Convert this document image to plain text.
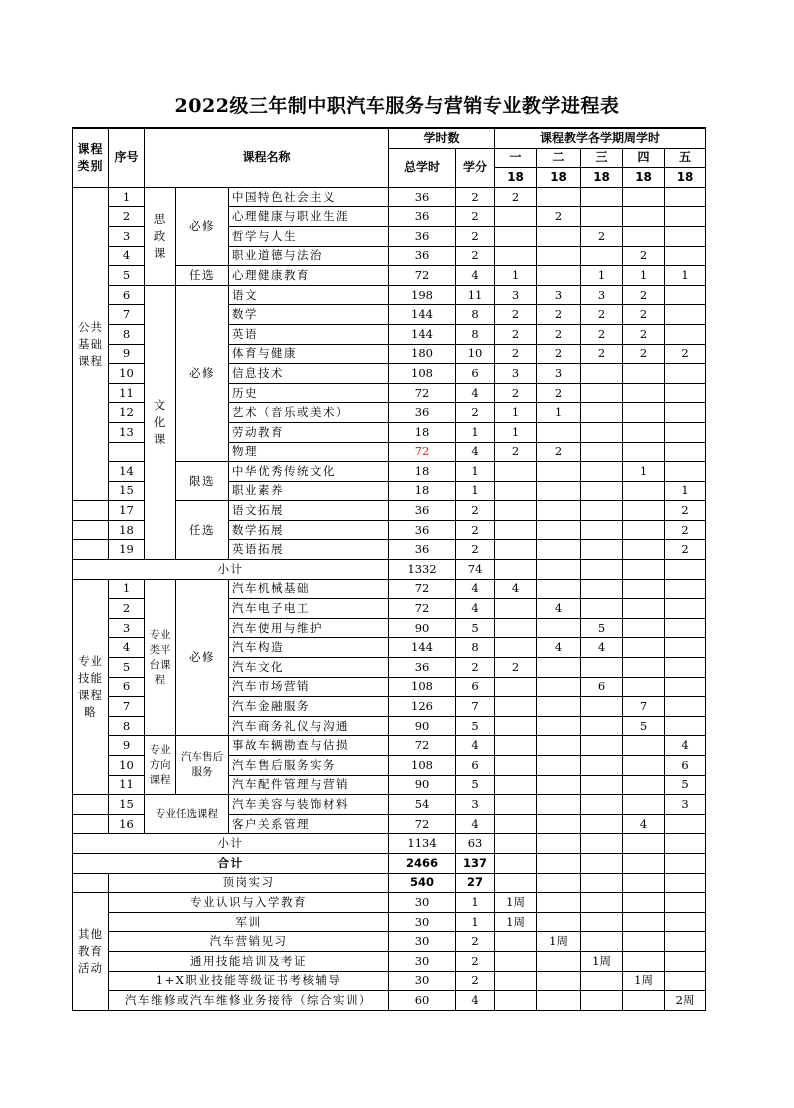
2022级三年制中职汽车服务与营销专业教学进程表
课程类别	序号	课程名称			学时数		课程教学各学期周学时				
					总学时	学分	一	二	三	四	五
							18	18	18	18	18
公共基础课程	1	思政课	必修	中国特色社会主义	36	2	2				
	2			心理健康与职业生涯	36	2		2			
	3			哲学与人生	36	2			2		
	4			职业道德与法治	36	2				2	
	5		任选	心理健康教育	72	4	1		1	1	1
	6	文化课	必修	语文	198	11	3	3	3	2	
	7			数学	144	8	2	2	2	2	
	8			英语	144	8	2	2	2	2	
	9			体育与健康	180	10	2	2	2	2	2
	10			信息技术	108	6	3	3			
	11			历史	72	4	2	2			
	12			艺术（音乐或美术）	36	2	1	1			
	13			劳动教育	18	1	1				
				物理	72	4	2	2			
	14		限选	中华优秀传统文化	18	1				1	
	15			职业素养	18	1					1
	17		任选	语文拓展	36	2					2
	18			数学拓展	36	2					2
	19			英语拓展	36	2					2
小计					1332	74					
专业技能课程略	1	专业类平台课程	必修	汽车机械基础	72	4	4				
	2			汽车电子电工	72	4		4			
	3			汽车使用与维护	90	5			5		
	4			汽车构造	144	8		4	4		
	5			汽车文化	36	2	2				
	6			汽车市场营销	108	6			6		
	7			汽车金融服务	126	7				7	
	8			汽车商务礼仪与沟通	90	5				5	
	9	专业方向课程	汽车售后服务	事故车辆勘查与估损	72	4					4
	10			汽车售后服务实务	108	6					6
	11			汽车配件管理与营销	90	5					5
	15	专业任选课程		汽车美容与装饰材料	54	3					3
	16			客户关系管理	72	4				4	
小计					1134	63					
合计					2466	137					
	顶岗实习				540	27					
其他教育活动	专业认识与入学教育				30	1	1周				
	军训				30	1	1周				
	汽车营销见习				30	2		1周			
	通用技能培训及考证				30	2			1周		
	1+X职业技能等级证书考核辅导				30	2				1周	
	汽车维修或汽车维修业务接待（综合实训）				60	4					2周
